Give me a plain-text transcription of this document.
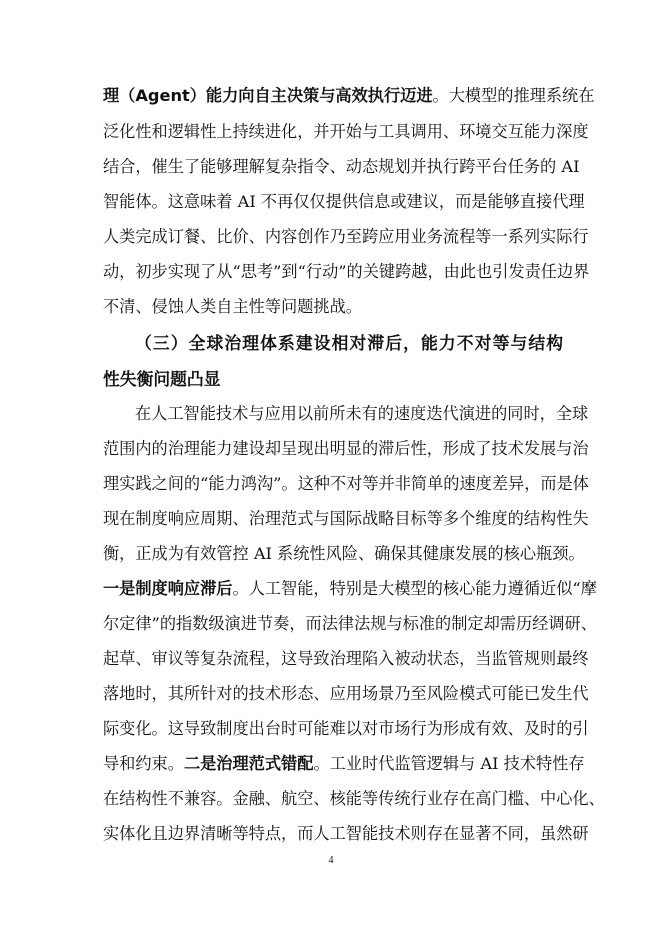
理（Agent）能力向自主决策与高效执行迈进。大模型的推理系统在
泛化性和逻辑性上持续进化，并开始与工具调用、环境交互能力深度
结合，催生了能够理解复杂指令、动态规划并执行跨平台任务的 AI
智能体。这意味着 AI 不再仅仅提供信息或建议，而是能够直接代理
人类完成订餐、比价、内容创作乃至跨应用业务流程等一系列实际行
动，初步实现了从“思考”到“行动”的关键跨越，由此也引发责任边界
不清、侵蚀人类自主性等问题挑战。
（三）全球治理体系建设相对滞后，能力不对等与结构
性失衡问题凸显
在人工智能技术与应用以前所未有的速度迭代演进的同时，全球
范围内的治理能力建设却呈现出明显的滞后性，形成了技术发展与治
理实践之间的“能力鸿沟”。这种不对等并非简单的速度差异，而是体
现在制度响应周期、治理范式与国际战略目标等多个维度的结构性失
衡，正成为有效管控 AI 系统性风险、确保其健康发展的核心瓶颈。
一是制度响应滞后。人工智能，特别是大模型的核心能力遵循近似“摩
尔定律”的指数级演进节奏，而法律法规与标准的制定却需历经调研、
起草、审议等复杂流程，这导致治理陷入被动状态，当监管规则最终
落地时，其所针对的技术形态、应用场景乃至风险模式可能已发生代
际变化。这导致制度出台时可能难以对市场行为形成有效、及时的引
导和约束。二是治理范式错配。工业时代监管逻辑与 AI 技术特性存
在结构性不兼容。金融、航空、核能等传统行业存在高门槛、中心化、
实体化且边界清晰等特点，而人工智能技术则存在显著不同，虽然研
4
